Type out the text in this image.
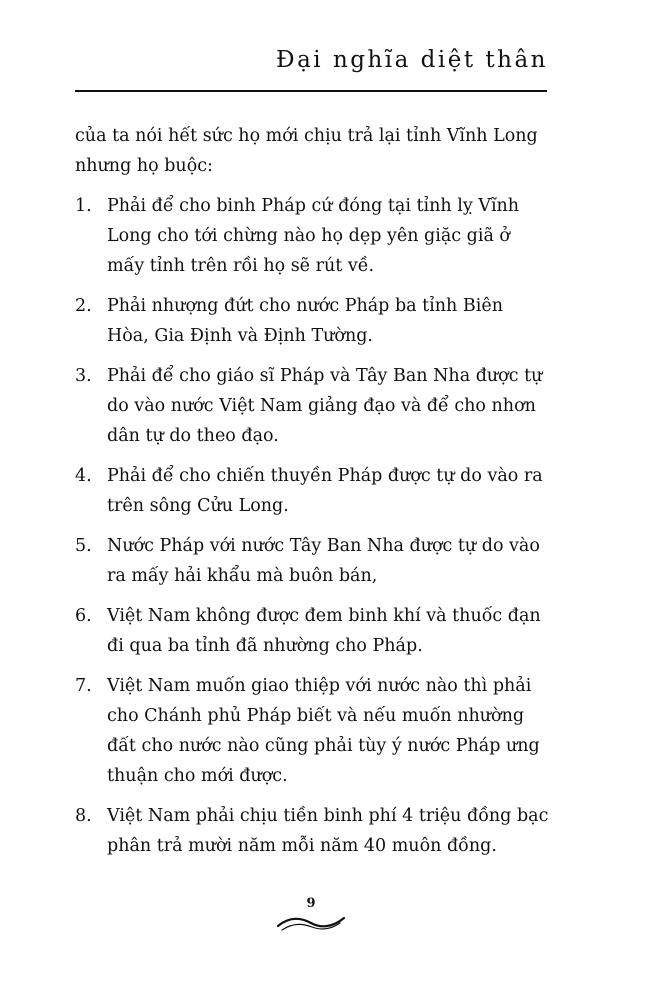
Đại nghĩa diệt thân

của ta nói hết sức họ mới chịu trả lại tỉnh Vĩnh Long nhưng họ buộc:

1. Phải để cho binh Pháp cứ đóng tại tỉnh lỵ Vĩnh Long cho tới chừng nào họ dẹp yên giặc giã ở mấy tỉnh trên rồi họ sẽ rút về.
2. Phải nhượng đứt cho nước Pháp ba tỉnh Biên Hòa, Gia Định và Định Tường.
3. Phải để cho giáo sĩ Pháp và Tây Ban Nha được tự do vào nước Việt Nam giảng đạo và để cho nhơn dân tự do theo đạo.
4. Phải để cho chiến thuyền Pháp được tự do vào ra trên sông Cửu Long.
5. Nước Pháp với nước Tây Ban Nha được tự do vào ra mấy hải khẩu mà buôn bán,
6. Việt Nam không được đem binh khí và thuốc đạn đi qua ba tỉnh đã nhường cho Pháp.
7. Việt Nam muốn giao thiệp với nước nào thì phải cho Chánh phủ Pháp biết và nếu muốn nhường đất cho nước nào cũng phải tùy ý nước Pháp ưng thuận cho mới được.
8. Việt Nam phải chịu tiền binh phí 4 triệu đồng bạc phân trả mười năm mỗi năm 40 muôn đồng.
9
